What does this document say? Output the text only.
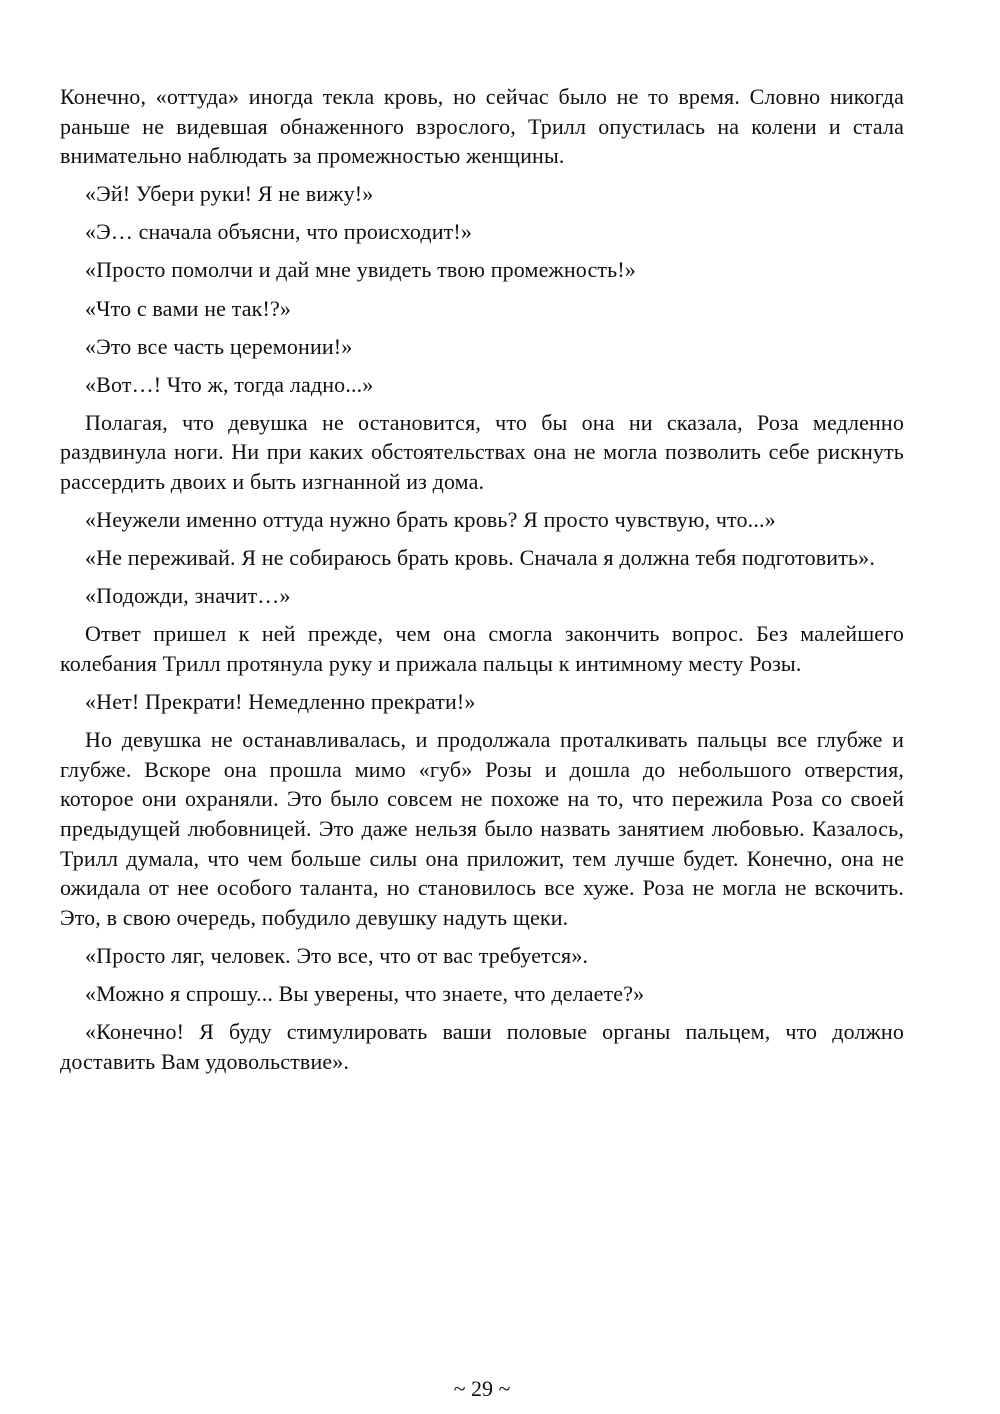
Конечно, «оттуда» иногда текла кровь, но сейчас было не то время. Словно никогда раньше не видевшая обнаженного взрослого, Трилл опустилась на колени и стала внимательно наблюдать за промежностью женщины.

«Эй! Убери руки! Я не вижу!»

«Э… сначала объясни, что происходит!»

«Просто помолчи и дай мне увидеть твою промежность!»

«Что с вами не так!?»

«Это все часть церемонии!»

«Вот…! Что ж, тогда ладно...»

Полагая, что девушка не остановится, что бы она ни сказала, Роза медленно раздвинула ноги. Ни при каких обстоятельствах она не могла позволить себе рискнуть рассердить двоих и быть изгнанной из дома.

«Неужели именно оттуда нужно брать кровь? Я просто чувствую, что...»

«Не переживай. Я не собираюсь брать кровь. Сначала я должна тебя подготовить».

«Подожди, значит…»

Ответ пришел к ней прежде, чем она смогла закончить вопрос. Без малейшего колебания Трилл протянула руку и прижала пальцы к интимному месту Розы.

«Нет! Прекрати! Немедленно прекрати!»

Но девушка не останавливалась, и продолжала проталкивать пальцы все глубже и глубже. Вскоре она прошла мимо «губ» Розы и дошла до небольшого отверстия, которое они охраняли. Это было совсем не похоже на то, что пережила Роза со своей предыдущей любовницей. Это даже нельзя было назвать занятием любовью. Казалось, Трилл думала, что чем больше силы она приложит, тем лучше будет. Конечно, она не ожидала от нее особого таланта, но становилось все хуже. Роза не могла не вскочить. Это, в свою очередь, побудило девушку надуть щеки.

«Просто ляг, человек. Это все, что от вас требуется».

«Можно я спрошу... Вы уверены, что знаете, что делаете?»

«Конечно! Я буду стимулировать ваши половые органы пальцем, что должно доставить Вам удовольствие».

~ 29 ~
